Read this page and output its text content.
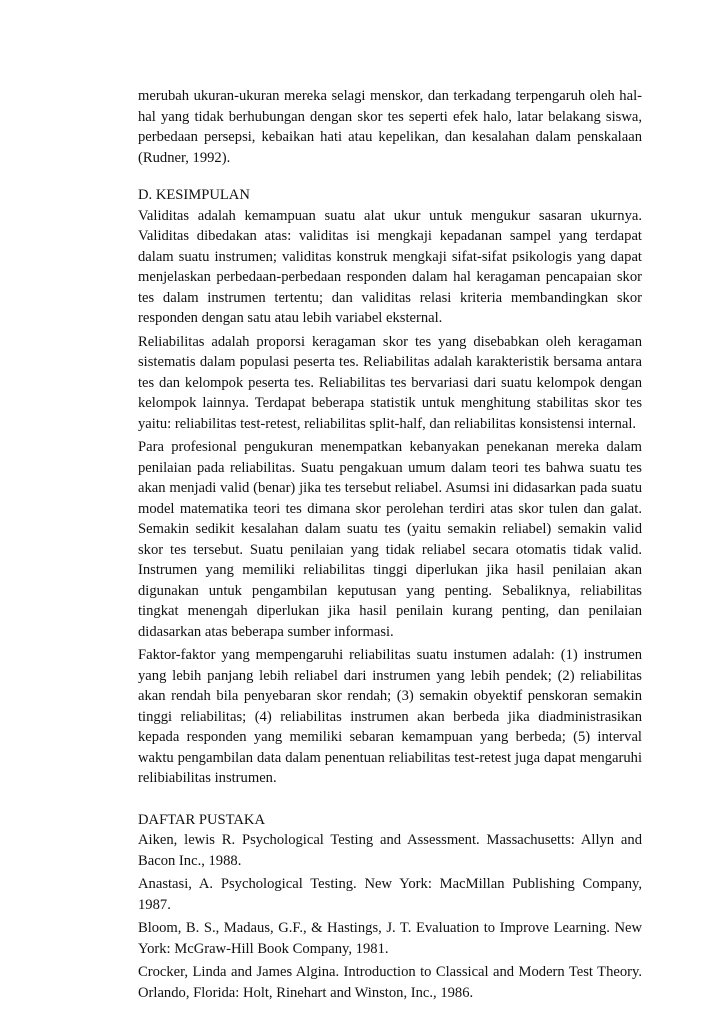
merubah ukuran-ukuran mereka selagi menskor, dan terkadang terpengaruh oleh hal-hal yang tidak berhubungan dengan skor tes seperti efek halo, latar belakang siswa, perbedaan persepsi, kebaikan hati atau kepelikan, dan kesalahan dalam penskalaan (Rudner, 1992).

D. KESIMPULAN

Validitas adalah kemampuan suatu alat ukur untuk mengukur sasaran ukurnya. Validitas dibedakan atas: validitas isi mengkaji kepadanan sampel yang terdapat dalam suatu instrumen; validitas konstruk mengkaji sifat-sifat psikologis yang dapat menjelaskan perbedaan-perbedaan responden dalam hal keragaman pencapaian skor tes dalam instrumen tertentu; dan validitas relasi kriteria membandingkan skor responden dengan satu atau lebih variabel eksternal.

Reliabilitas adalah proporsi keragaman skor tes yang disebabkan oleh keragaman sistematis dalam populasi peserta tes. Reliabilitas adalah karakteristik bersama antara tes dan kelompok peserta tes. Reliabilitas tes bervariasi dari suatu kelompok dengan kelompok lainnya. Terdapat beberapa statistik untuk menghitung stabilitas skor tes yaitu: reliabilitas test-retest, reliabilitas split-half, dan reliabilitas konsistensi internal.

Para profesional pengukuran menempatkan kebanyakan penekanan mereka dalam penilaian pada reliabilitas. Suatu pengakuan umum dalam teori tes bahwa suatu tes akan menjadi valid (benar) jika tes tersebut reliabel. Asumsi ini didasarkan pada suatu model matematika teori tes dimana skor perolehan terdiri atas skor tulen dan galat. Semakin sedikit kesalahan dalam suatu tes (yaitu semakin reliabel) semakin valid skor tes tersebut. Suatu penilaian yang tidak reliabel secara otomatis tidak valid. Instrumen yang memiliki reliabilitas tinggi diperlukan jika hasil penilaian akan digunakan untuk pengambilan keputusan yang penting. Sebaliknya, reliabilitas tingkat menengah diperlukan jika hasil penilain kurang penting, dan penilaian didasarkan atas beberapa sumber informasi.

Faktor-faktor yang mempengaruhi reliabilitas suatu instumen adalah: (1) instrumen yang lebih panjang lebih reliabel dari instrumen yang lebih pendek; (2) reliabilitas akan rendah bila penyebaran skor rendah; (3) semakin obyektif penskoran semakin tinggi reliabilitas; (4) reliabilitas instrumen akan berbeda jika diadministrasikan kepada responden yang memiliki sebaran kemampuan yang berbeda; (5) interval waktu pengambilan data dalam penentuan reliabilitas test-retest juga dapat mengaruhi relibiabilitas instrumen.

DAFTAR PUSTAKA

Aiken, lewis R. Psychological Testing and Assessment. Massachusetts: Allyn and Bacon Inc., 1988.

Anastasi, A. Psychological Testing. New York: MacMillan Publishing Company, 1987.

Bloom, B. S., Madaus, G.F., & Hastings, J. T. Evaluation to Improve Learning. New York: McGraw-Hill Book Company, 1981.

Crocker, Linda and James Algina. Introduction to Classical and Modern Test Theory. Orlando, Florida: Holt, Rinehart and Winston, Inc., 1986.
